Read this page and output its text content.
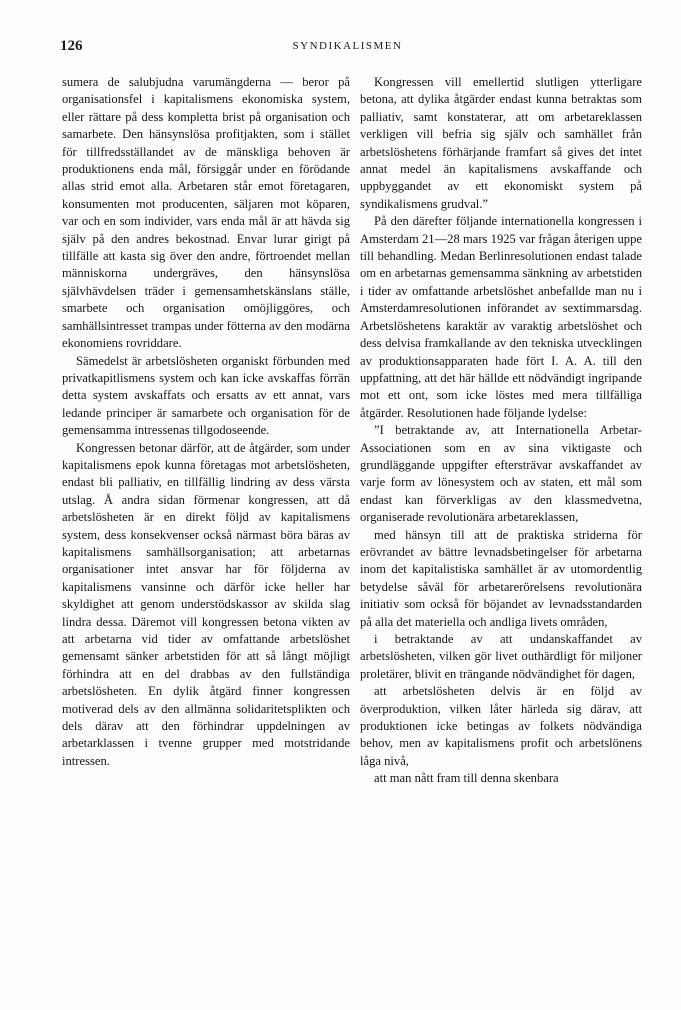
126	SYNDIKALISMEN

sumera de salubjudna varumängderna — beror på organisationsfel i kapitalismens ekonomiska system, eller rättare på dess kompletta brist på organisation och samarbete. Den hänsynslösa profitjakten, som i stället för tillfredsställandet av de mänskliga behoven är produktionens enda mål, försiggår under en förödande allas strid emot alla. Arbetaren står emot företagaren, konsumenten mot producenten, säljaren mot köparen, var och en som individer, vars enda mål är att hävda sig själv på den andres bekostnad. Envar lurar girigt på tillfälle att kasta sig över den andre, förtroendet mellan människorna undergräves, den hänsynslösa självhävdelsen träder i gemensamhetskänslans ställe, smarbete och organisation omöjliggöres, och samhällsintresset trampas under fötterna av den modärna ekonomiens rovriddare.

Sämedelst är arbetslösheten organiskt förbunden med privatkapitlismens system och kan icke avskaffas förrän detta system avskaffats och ersatts av ett annat, vars ledande principer är samarbete och organisation för de gemensamma intressenas tillgodoseende.

Kongressen betonar därför, att de åtgärder, som under kapitalismens epok kunna företagas mot arbetslösheten, endast bli palliativ, en tillfällig lindring av dess värsta utslag. Å andra sidan förmenar kongressen, att då arbetslösheten är en direkt följd av kapitalismens system, dess konsekvenser också närmast böra bäras av kapitalismens samhällsorganisation; att arbetarnas organisationer intet ansvar har för följderna av kapitalismens vansinne och därför icke heller har skyldighet att genom understödskassor av skilda slag lindra dessa. Däremot vill kongressen betona vikten av att arbetarna vid tider av omfattande arbetslöshet gemensamt sänker arbetstiden för att så långt möjligt förhindra att en del drabbas av den fullständiga arbetslösheten. En dylik åtgärd finner kongressen motiverad dels av den allmänna solidaritetsplikten och dels därav att den förhindrar uppdelningen av arbetarklassen i tvenne grupper med motstridande intressen.

Kongressen vill emellertid slutligen ytterligare betona, att dylika åtgärder endast kunna betraktas som palliativ, samt konstaterar, att om arbetareklassen verkligen vill befria sig själv och samhället från arbetslöshetens förhärjande framfart så gives det intet annat medel än kapitalismens avskaffande och uppbyggandet av ett ekonomiskt system på syndikalismens grudval.”

På den därefter följande internationella kongressen i Amsterdam 21—28 mars 1925 var frågan återigen uppe till behandling. Medan Berlinresolutionen endast talade om en arbetarnas gemensamma sänkning av arbetstiden i tider av omfattande arbetslöshet anbefallde man nu i Amsterdamresolutionen införandet av sextimmarsdag. Arbetslöshetens karaktär av varaktig arbetslöshet och dess delvisa framkallande av den tekniska utvecklingen av produktionsapparaten hade fört I. A. A. till den uppfattning, att det här hällde ett nödvändigt ingripande mot ett ont, som icke löstes med mera tillfälliga åtgärder. Resolutionen hade följande lydelse:

”I betraktande av, att Internationella Arbetar-Associationen som en av sina viktigaste och grundläggande uppgifter eftersträvar avskaffandet av varje form av lönesystem och av staten, ett mål som endast kan förverkligas av den klassmedvetna, organiserade revolutionära arbetareklassen,

med hänsyn till att de praktiska striderna för erövrandet av bättre levnadsbetingelser för arbetarna inom det kapitalistiska samhället är av utomordentlig betydelse såväl för arbetarerörelsens revolutionära initiativ som också för böjandet av levnadsstandarden på alla det materiella och andliga livets områden,

i betraktande av att undanskaffandet av arbetslösheten, vilken gör livet outhärdligt för miljoner proletärer, blivit en trängande nödvändighet för dagen,

att arbetslösheten delvis är en följd av överproduktion, vilken låter härleda sig därav, att produktionen icke betingas av folkets nödvändiga behov, men av kapitalismens profit och arbetslönens låga nivå,

att man nått fram till denna skenbara
